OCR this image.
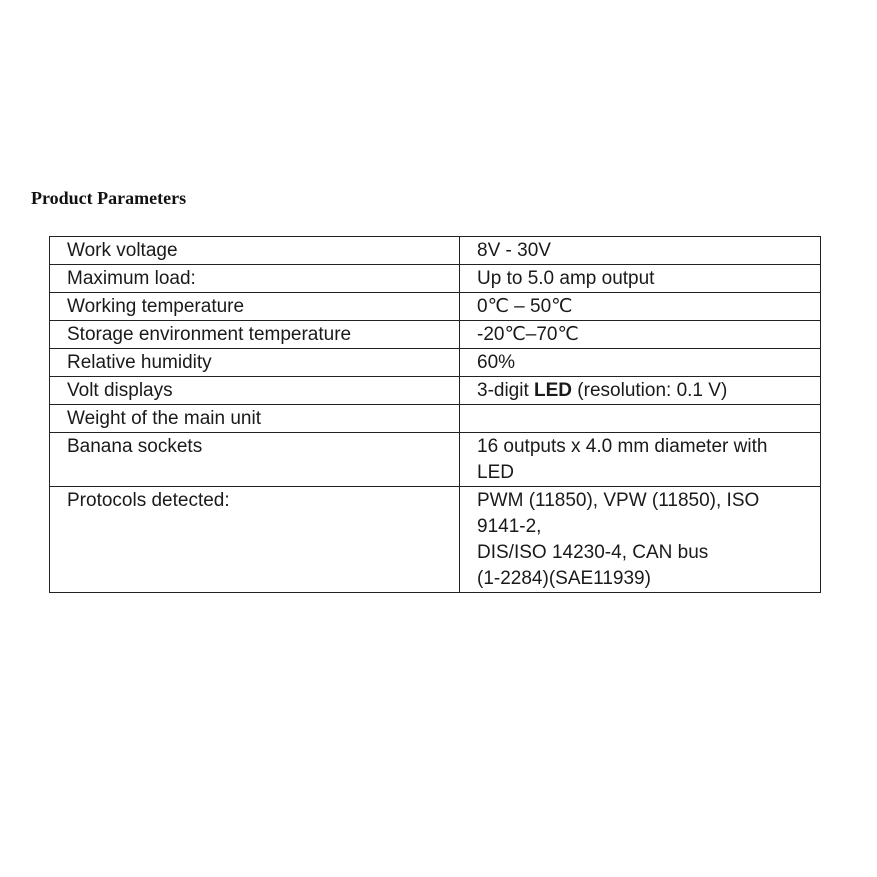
Product Parameters
Work voltage	8V - 30V

Maximum load:	Up to 5.0 amp output

Working temperature	0℃ – 50℃

Storage environment temperature	-20℃–70℃

Relative humidity	60%

Volt displays	3-digit LED (resolution: 0.1 V)
Weight of the main unit	
Banana sockets	16 outputs x 4.0 mm diameter with
LED

Protocols detected:	PWM (11850), VPW (11850), ISO
9141-2,
DIS/ISO 14230-4, CAN bus
(1-2284)(SAE11939)
